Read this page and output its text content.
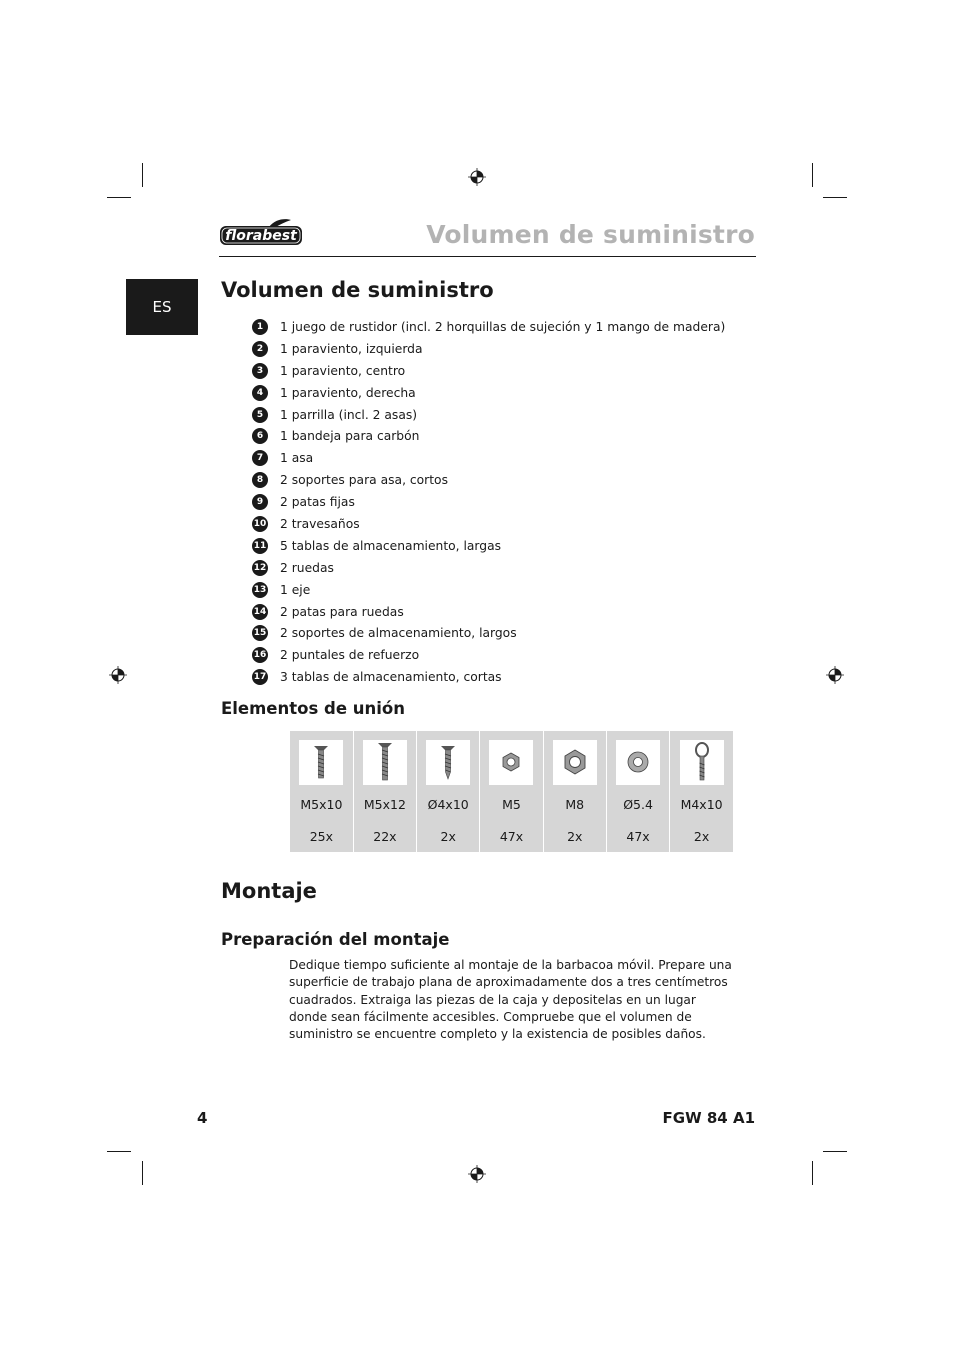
florabest	Volumen de suministro
ES
Volumen de suministro
1	1 juego de rustidor (incl. 2 horquillas de sujeción y 1 mango de madera)
2	1 paraviento, izquierda
3	1 paraviento, centro
4	1 paraviento, derecha
5	1 parrilla (incl. 2 asas)
6	1 bandeja para carbón
7	1 asa
8	2 soportes para asa, cortos
9	2 patas fijas
10 2 travesaños
11 5 tablas de almacenamiento, largas
12 2 ruedas
13 1 eje
14 2 patas para ruedas
15 2 soportes de almacenamiento, largos
16 2 puntales de refuerzo
17 3 tablas de almacenamiento, cortas
Elementos de unión

M5x10	M5x12	Ø4x10	M5	M8	Ø5.4	M4x10
25x	22x	2x	47x	2x	47x	2x
Montaje
Preparación del montaje

Dedique tiempo suficiente al montaje de la barbacoa móvil. Prepare una superficie de trabajo plana de aproximadamente dos a tres centímetros cuadrados. Extraiga las piezas de la caja y depositelas en un lugar donde sean fácilmente accesibles. Compruebe que el volumen de suministro se encuentre completo y la existencia de posibles daños.

4	FGW 84 A1
